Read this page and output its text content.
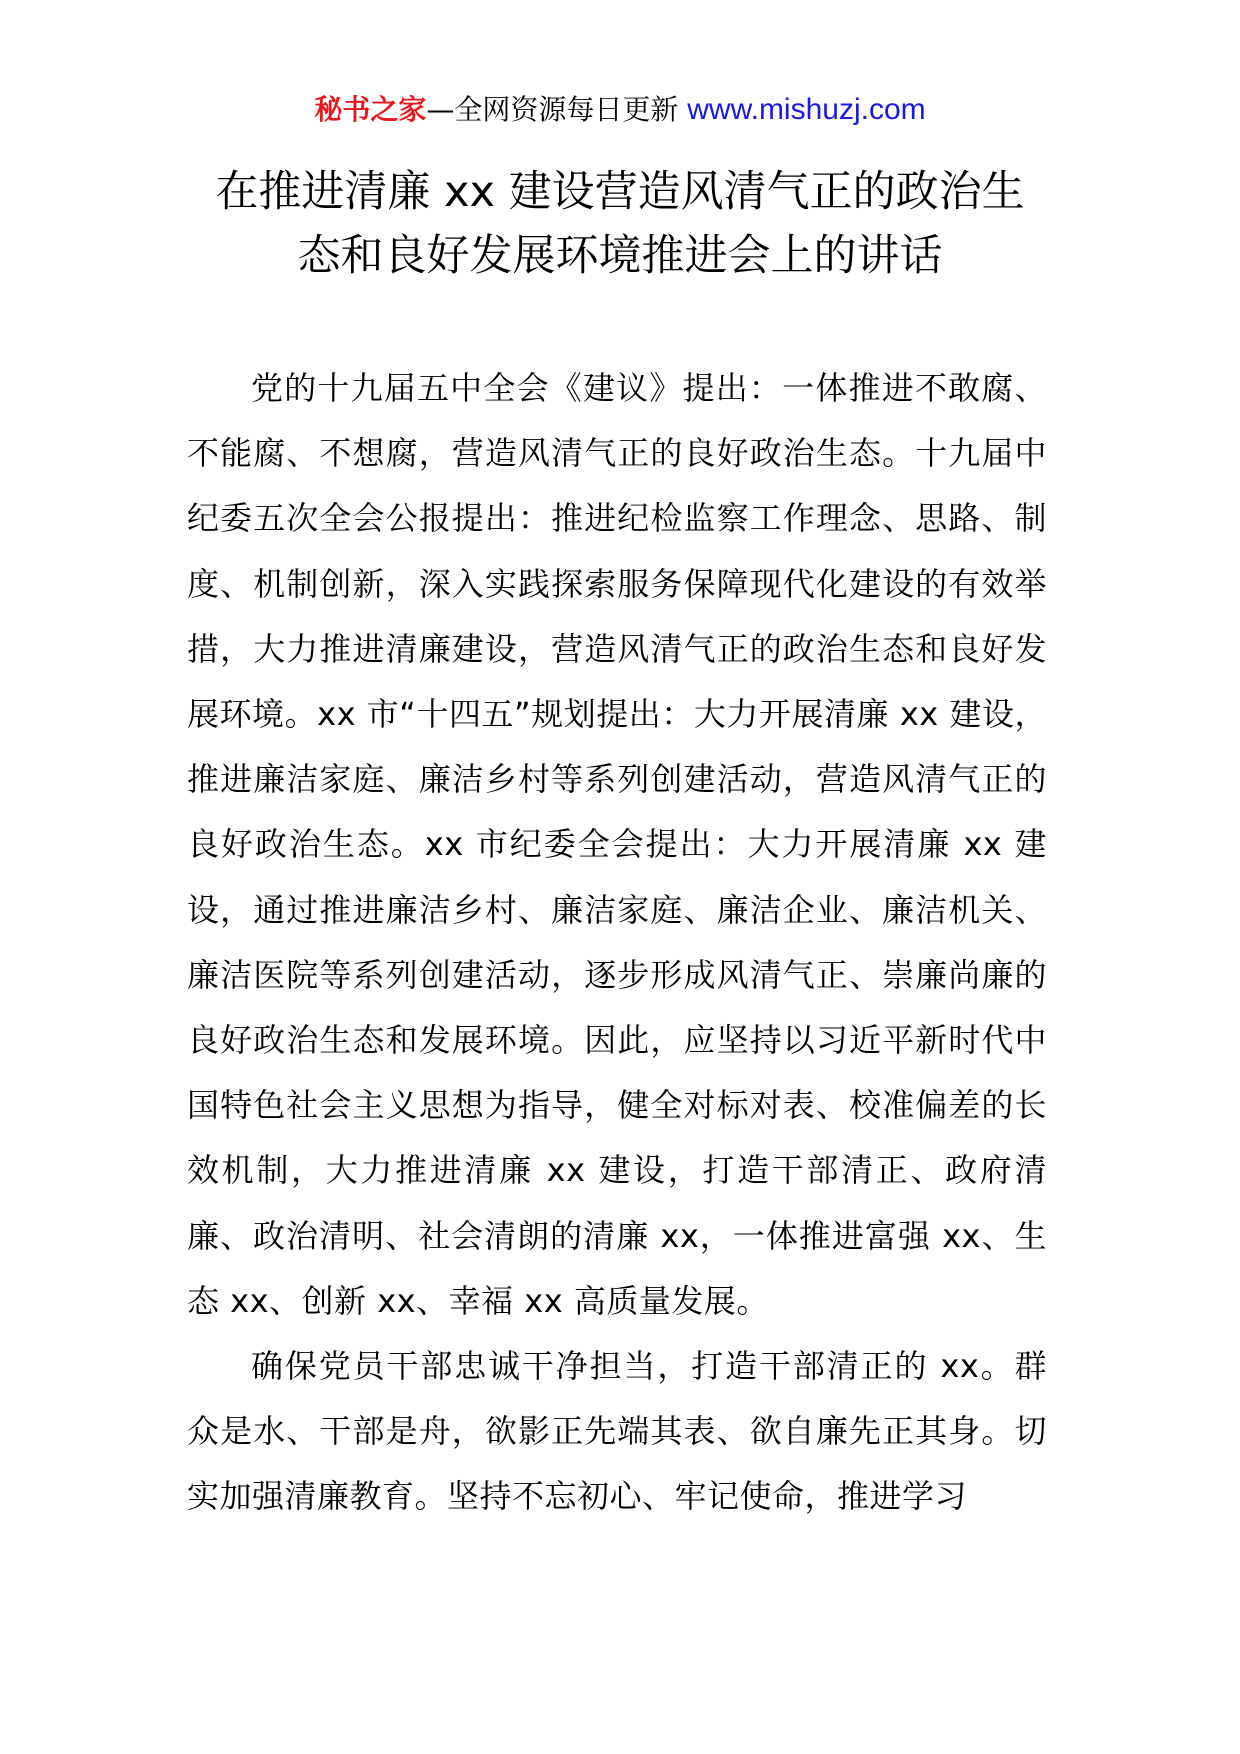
秘书之家—全网资源每日更新 www.mishuzj.com
在推进清廉 xx 建设营造风清气正的政治生
态和良好发展环境推进会上的讲话

党的十九届五中全会《建议》提出：一体推进不敢腐、不能腐、不想腐，营造风清气正的良好政治生态。十九届中纪委五次全会公报提出：推进纪检监察工作理念、思路、制度、机制创新，深入实践探索服务保障现代化建设的有效举措，大力推进清廉建设，营造风清气正的政治生态和良好发展环境。xx 市“十四五”规划提出：大力开展清廉 xx 建设，推进廉洁家庭、廉洁乡村等系列创建活动，营造风清气正的良好政治生态。xx 市纪委全会提出：大力开展清廉 xx 建设，通过推进廉洁乡村、廉洁家庭、廉洁企业、廉洁机关、廉洁医院等系列创建活动，逐步形成风清气正、崇廉尚廉的良好政治生态和发展环境。因此，应坚持以习近平新时代中国特色社会主义思想为指导，健全对标对表、校准偏差的长效机制，大力推进清廉 xx 建设，打造干部清正、政府清廉、政治清明、社会清朗的清廉 xx，一体推进富强 xx、生态 xx、创新 xx、幸福 xx 高质量发展。

确保党员干部忠诚干净担当，打造干部清正的 xx。群众是水、干部是舟，欲影正先端其表、欲自廉先正其身。切实加强清廉教育。坚持不忘初心、牢记使命，推进学习
